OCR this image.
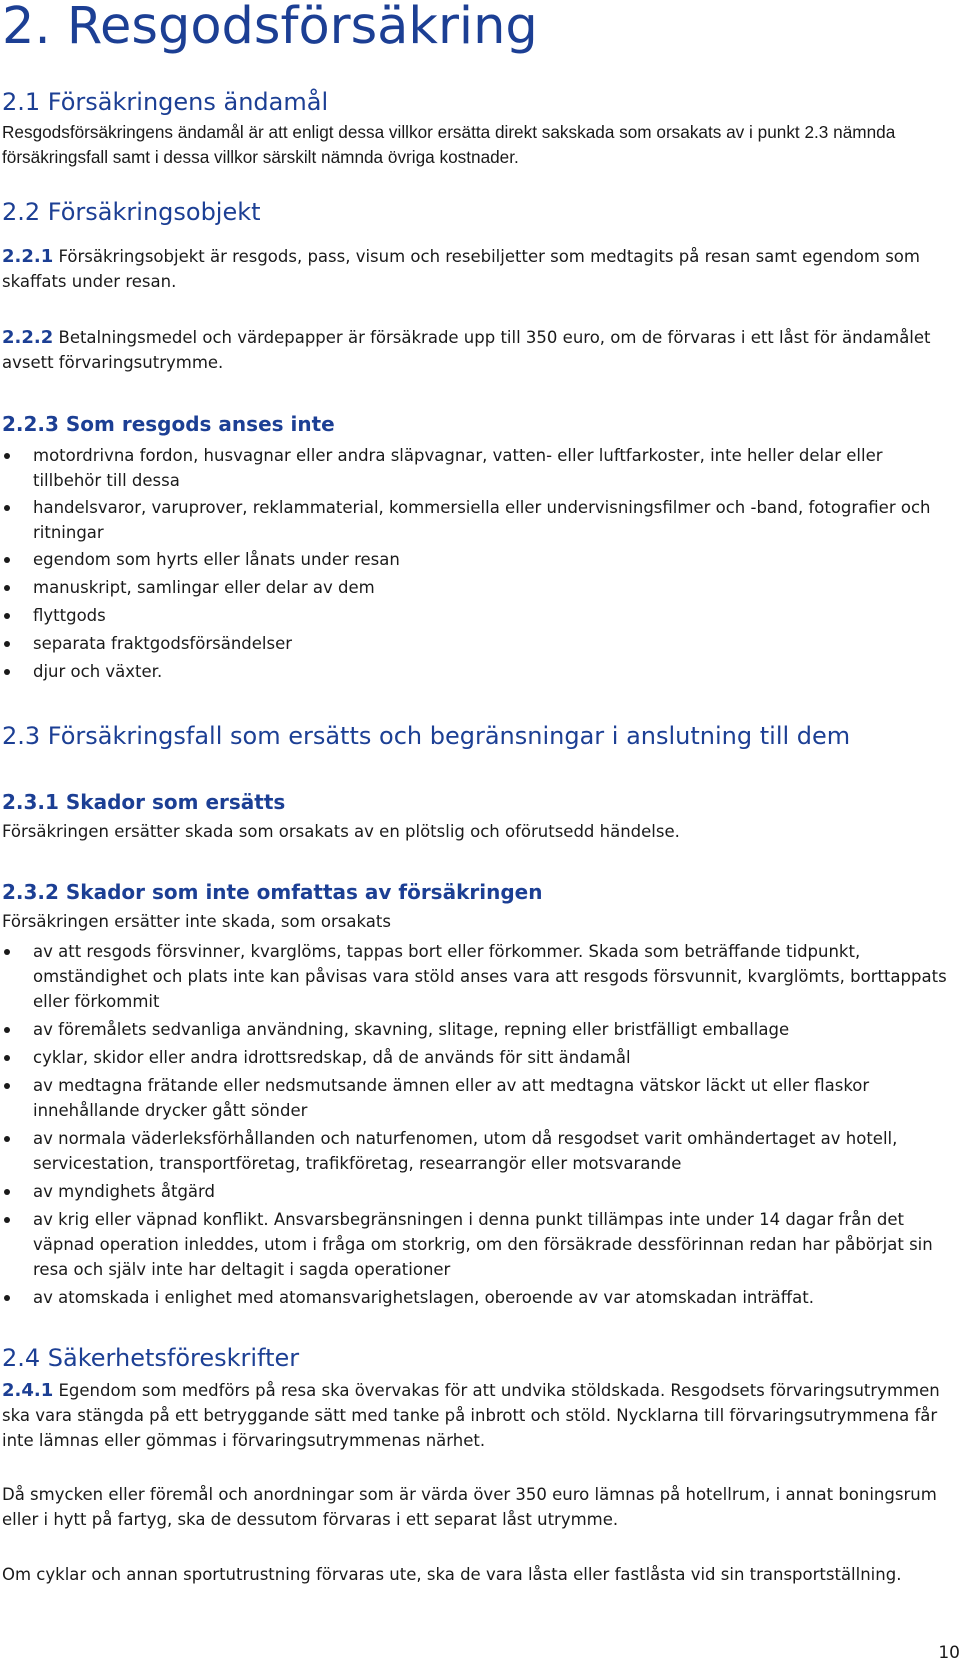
2. Resgodsförsäkring
2.1 Försäkringens ändamål
Resgodsförsäkringens ändamål är att enligt dessa villkor ersätta direkt sakskada som orsakats av i punkt 2.3 nämnda försäkringsfall samt i dessa villkor särskilt nämnda övriga kostnader.
2.2 Försäkringsobjekt
2.2.1 Försäkringsobjekt är resgods, pass, visum och resebiljetter som medtagits på resan samt egendom som skaffats under resan.
2.2.2 Betalningsmedel och värdepapper är försäkrade upp till 350 euro, om de förvaras i ett låst för ändamålet avsett förvaringsutrymme.
2.2.3 Som resgods anses inte
motordrivna fordon, husvagnar eller andra släpvagnar, vatten- eller luftfarkoster, inte heller delar eller tillbehör till dessa
handelsvaror, varuprover, reklammaterial, kommersiella eller undervisningsfilmer och -band, fotografier och ritningar
egendom som hyrts eller lånats under resan
manuskript, samlingar eller delar av dem
flyttgods
separata fraktgodsförsändelser
djur och växter.
2.3 Försäkringsfall som ersätts och begränsningar i anslutning till dem
2.3.1 Skador som ersätts
Försäkringen ersätter skada som orsakats av en plötslig och oförutsedd händelse.
2.3.2 Skador som inte omfattas av försäkringen
Försäkringen ersätter inte skada, som orsakats
av att resgods försvinner, kvarglöms, tappas bort eller förkommer. Skada som beträffande tidpunkt, omständighet och plats inte kan påvisas vara stöld anses vara att resgods försvunnit, kvarglömts, borttappats eller förkommit
av föremålets sedvanliga användning, skavning, slitage, repning eller bristfälligt emballage
cyklar, skidor eller andra idrottsredskap, då de används för sitt ändamål
av medtagna frätande eller nedsmutsande ämnen eller av att medtagna vätskor läckt ut eller flaskor innehållande drycker gått sönder
av normala väderleksförhållanden och naturfenomen, utom då resgodset varit omhändertaget av hotell, servicestation, transportföretag, trafikföretag, researrangör eller motsvarande
av myndighets åtgärd
av krig eller väpnad konflikt. Ansvarsbegränsningen i denna punkt tillämpas inte under 14 dagar från det väpnad operation inleddes, utom i fråga om storkrig, om den försäkrade dessförinnan redan har påbörjat sin resa och själv inte har deltagit i sagda operationer
av atomskada i enlighet med atomansvarighetslagen, oberoende av var atomskadan inträffat.
2.4 Säkerhetsföreskrifter
2.4.1 Egendom som medförs på resa ska övervakas för att undvika stöldskada. Resgodsets förvaringsutrymmen ska vara stängda på ett betryggande sätt med tanke på inbrott och stöld. Nycklarna till förvaringsutrymmena får inte lämnas eller gömmas i förvaringsutrymmenas närhet.
Då smycken eller föremål och anordningar som är värda över 350 euro lämnas på hotellrum, i annat boningsrum eller i hytt på fartyg, ska de dessutom förvaras i ett separat låst utrymme.
Om cyklar och annan sportutrustning förvaras ute, ska de vara låsta eller fastlåsta vid sin transportställning.
10
